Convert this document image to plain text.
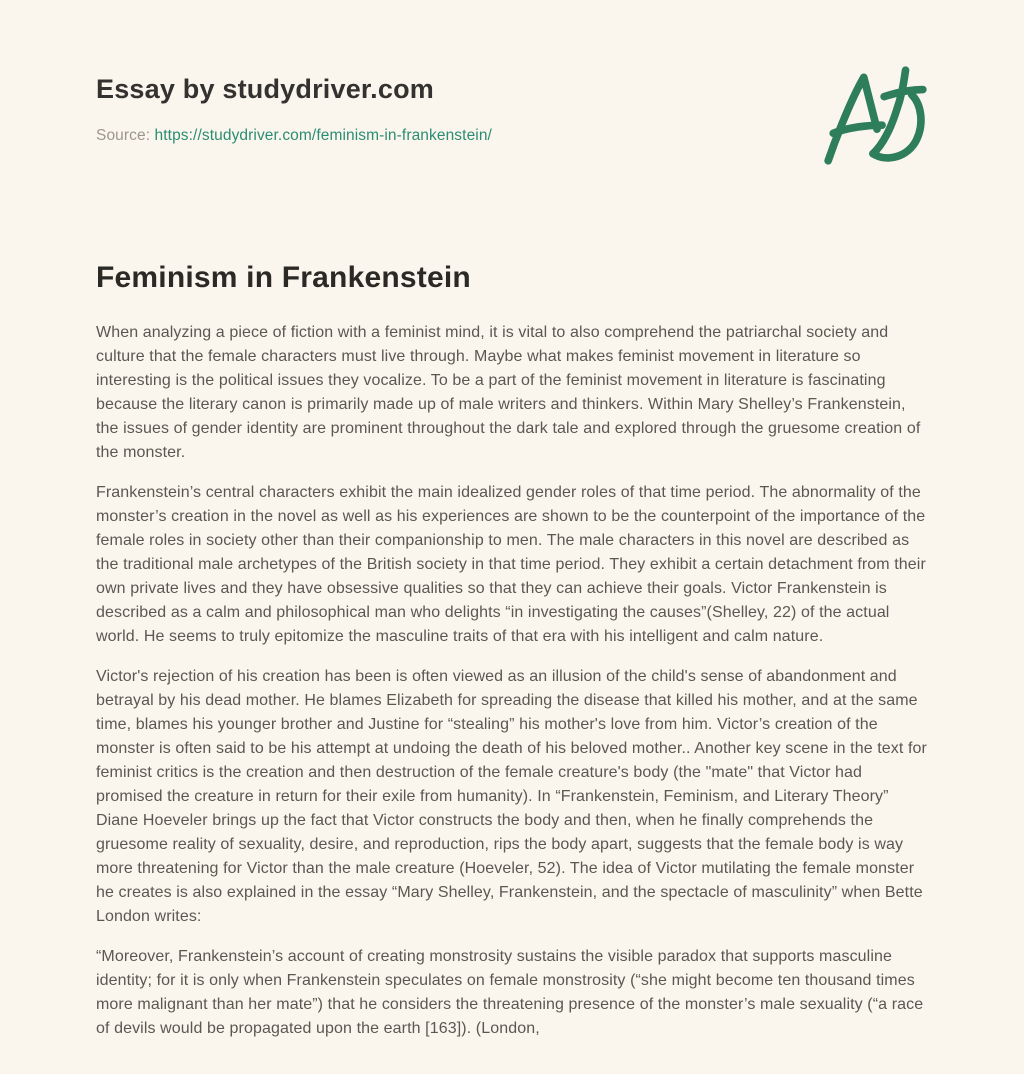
Essay by studydriver.com

Source: https://studydriver.com/feminism-in-frankenstein/

Feminism in Frankenstein

When analyzing a piece of fiction with a feminist mind, it is vital to also comprehend the patriarchal society and culture that the female characters must live through. Maybe what makes feminist movement in literature so interesting is the political issues they vocalize. To be a part of the feminist movement in literature is fascinating because the literary canon is primarily made up of male writers and thinkers. Within Mary Shelley’s Frankenstein, the issues of gender identity are prominent throughout the dark tale and explored through the gruesome creation of the monster.

Frankenstein’s central characters exhibit the main idealized gender roles of that time period. The abnormality of the monster’s creation in the novel as well as his experiences are shown to be the counterpoint of the importance of the female roles in society other than their companionship to men. The male characters in this novel are described as the traditional male archetypes of the British society in that time period. They exhibit a certain detachment from their own private lives and they have obsessive qualities so that they can achieve their goals. Victor Frankenstein is described as a calm and philosophical man who delights “in investigating the causes”(Shelley, 22) of the actual world. He seems to truly epitomize the masculine traits of that era with his intelligent and calm nature.

Victor's rejection of his creation has been is often viewed as an illusion of the child's sense of abandonment and betrayal by his dead mother. He blames Elizabeth for spreading the disease that killed his mother, and at the same time, blames his younger brother and Justine for “stealing” his mother's love from him. Victor’s creation of the monster is often said to be his attempt at undoing the death of his beloved mother.. Another key scene in the text for feminist critics is the creation and then destruction of the female creature's body (the "mate" that Victor had promised the creature in return for their exile from humanity). In “Frankenstein, Feminism, and Literary Theory” Diane Hoeveler brings up the fact that Victor constructs the body and then, when he finally comprehends the gruesome reality of sexuality, desire, and reproduction, rips the body apart, suggests that the female body is way more threatening for Victor than the male creature (Hoeveler, 52). The idea of Victor mutilating the female monster he creates is also explained in the essay “Mary Shelley, Frankenstein, and the spectacle of masculinity” when Bette London writes:

“Moreover, Frankenstein’s account of creating monstrosity sustains the visible paradox that supports masculine identity; for it is only when Frankenstein speculates on female monstrosity (“she might become ten thousand times more malignant than her mate”) that he considers the threatening presence of the monster’s male sexuality (“a race of devils would be propagated upon the earth [163]). (London,
